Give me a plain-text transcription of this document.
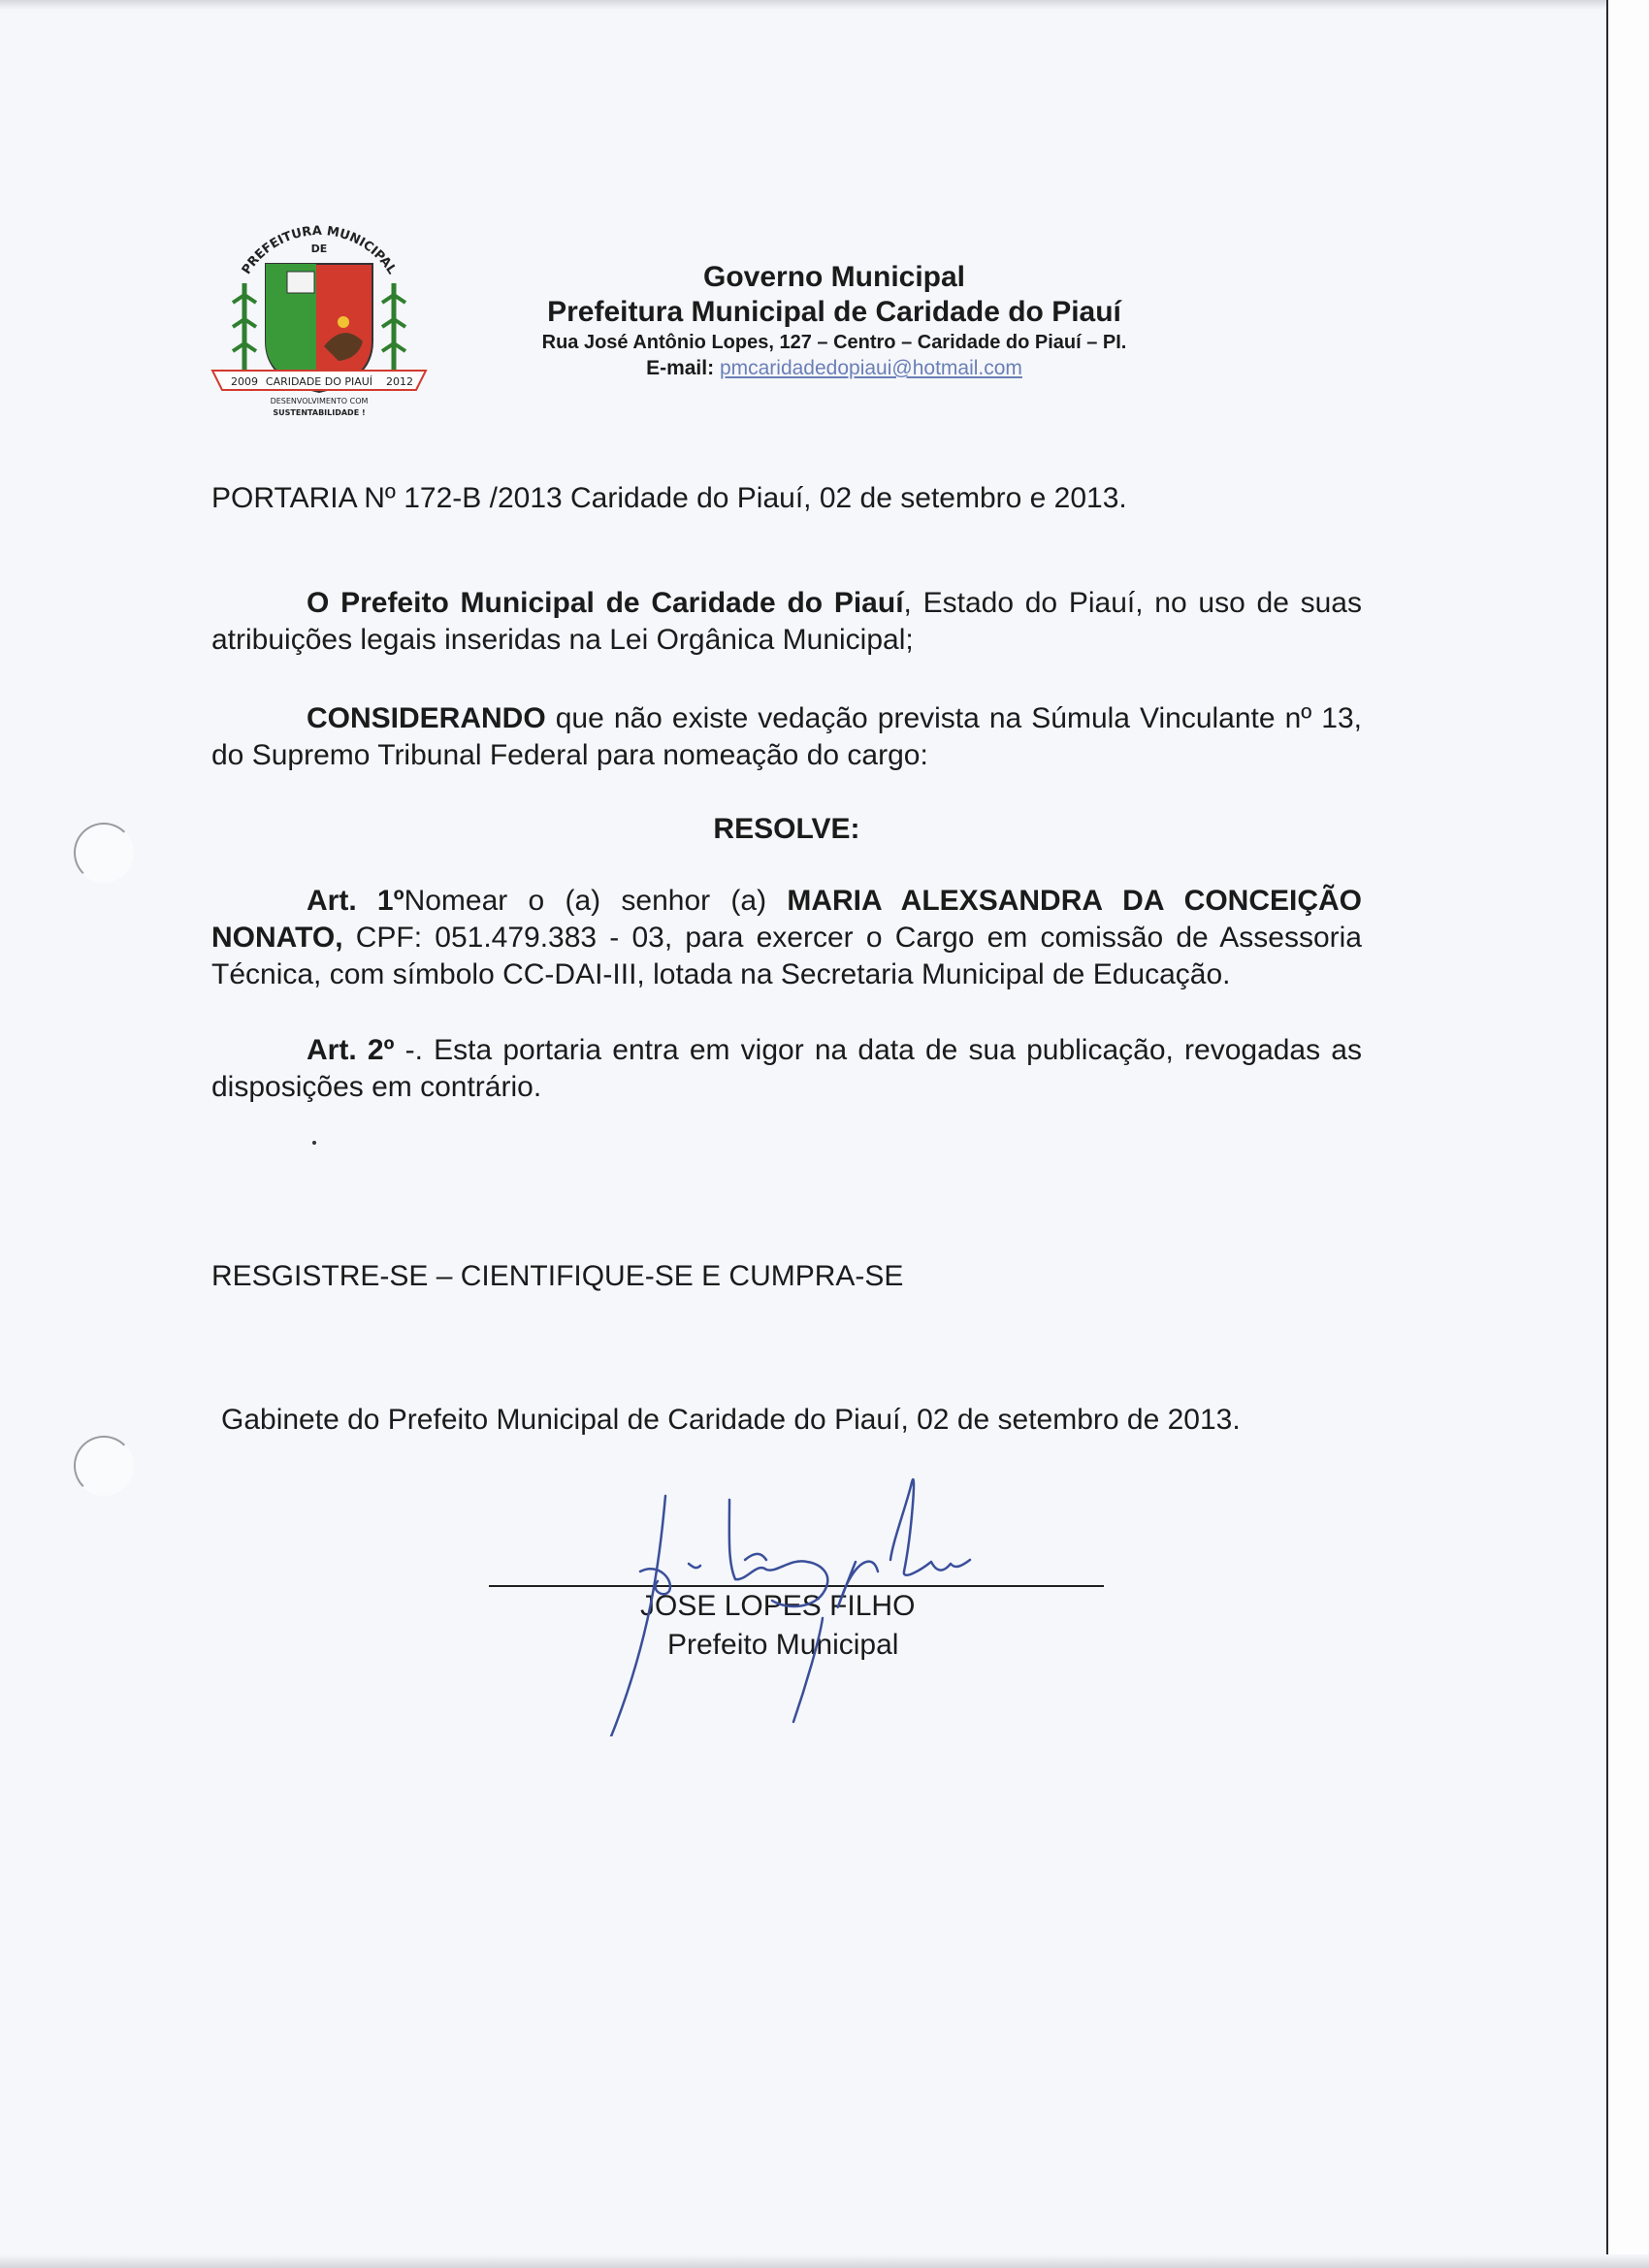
PREFEITURA MUNICIPAL
DE
2009 CARIDADE DO PIAUÍ 2012
DESENVOLVIMENTO COM
SUSTENTABILIDADE !
Governo Municipal
Prefeitura Municipal de Caridade do Piauí
Rua José Antônio Lopes, 127 – Centro – Caridade do Piauí – PI.
E-mail: pmcaridadedopiaui@hotmail.com
PORTARIA Nº 172-B /2013 Caridade do Piauí, 02 de setembro e 2013.
O Prefeito Municipal de Caridade do Piauí, Estado do Piauí, no uso de suas atribuições legais inseridas na Lei Orgânica Municipal;
CONSIDERANDO que não existe vedação prevista na Súmula Vinculante nº 13, do Supremo Tribunal Federal para nomeação do cargo:
RESOLVE:
Art. 1ºNomear o (a) senhor (a) MARIA ALEXSANDRA DA CONCEIÇÃO NONATO, CPF: 051.479.383 - 03, para exercer o Cargo em comissão de Assessoria Técnica, com símbolo CC-DAI-III, lotada na Secretaria Municipal de Educação.
Art. 2º -. Esta portaria entra em vigor na data de sua publicação, revogadas as disposições em contrário.
RESGISTRE-SE – CIENTIFIQUE-SE E CUMPRA-SE
Gabinete do Prefeito Municipal de Caridade do Piauí, 02 de setembro de 2013.
JOSE LOPES FILHO
Prefeito Municipal
